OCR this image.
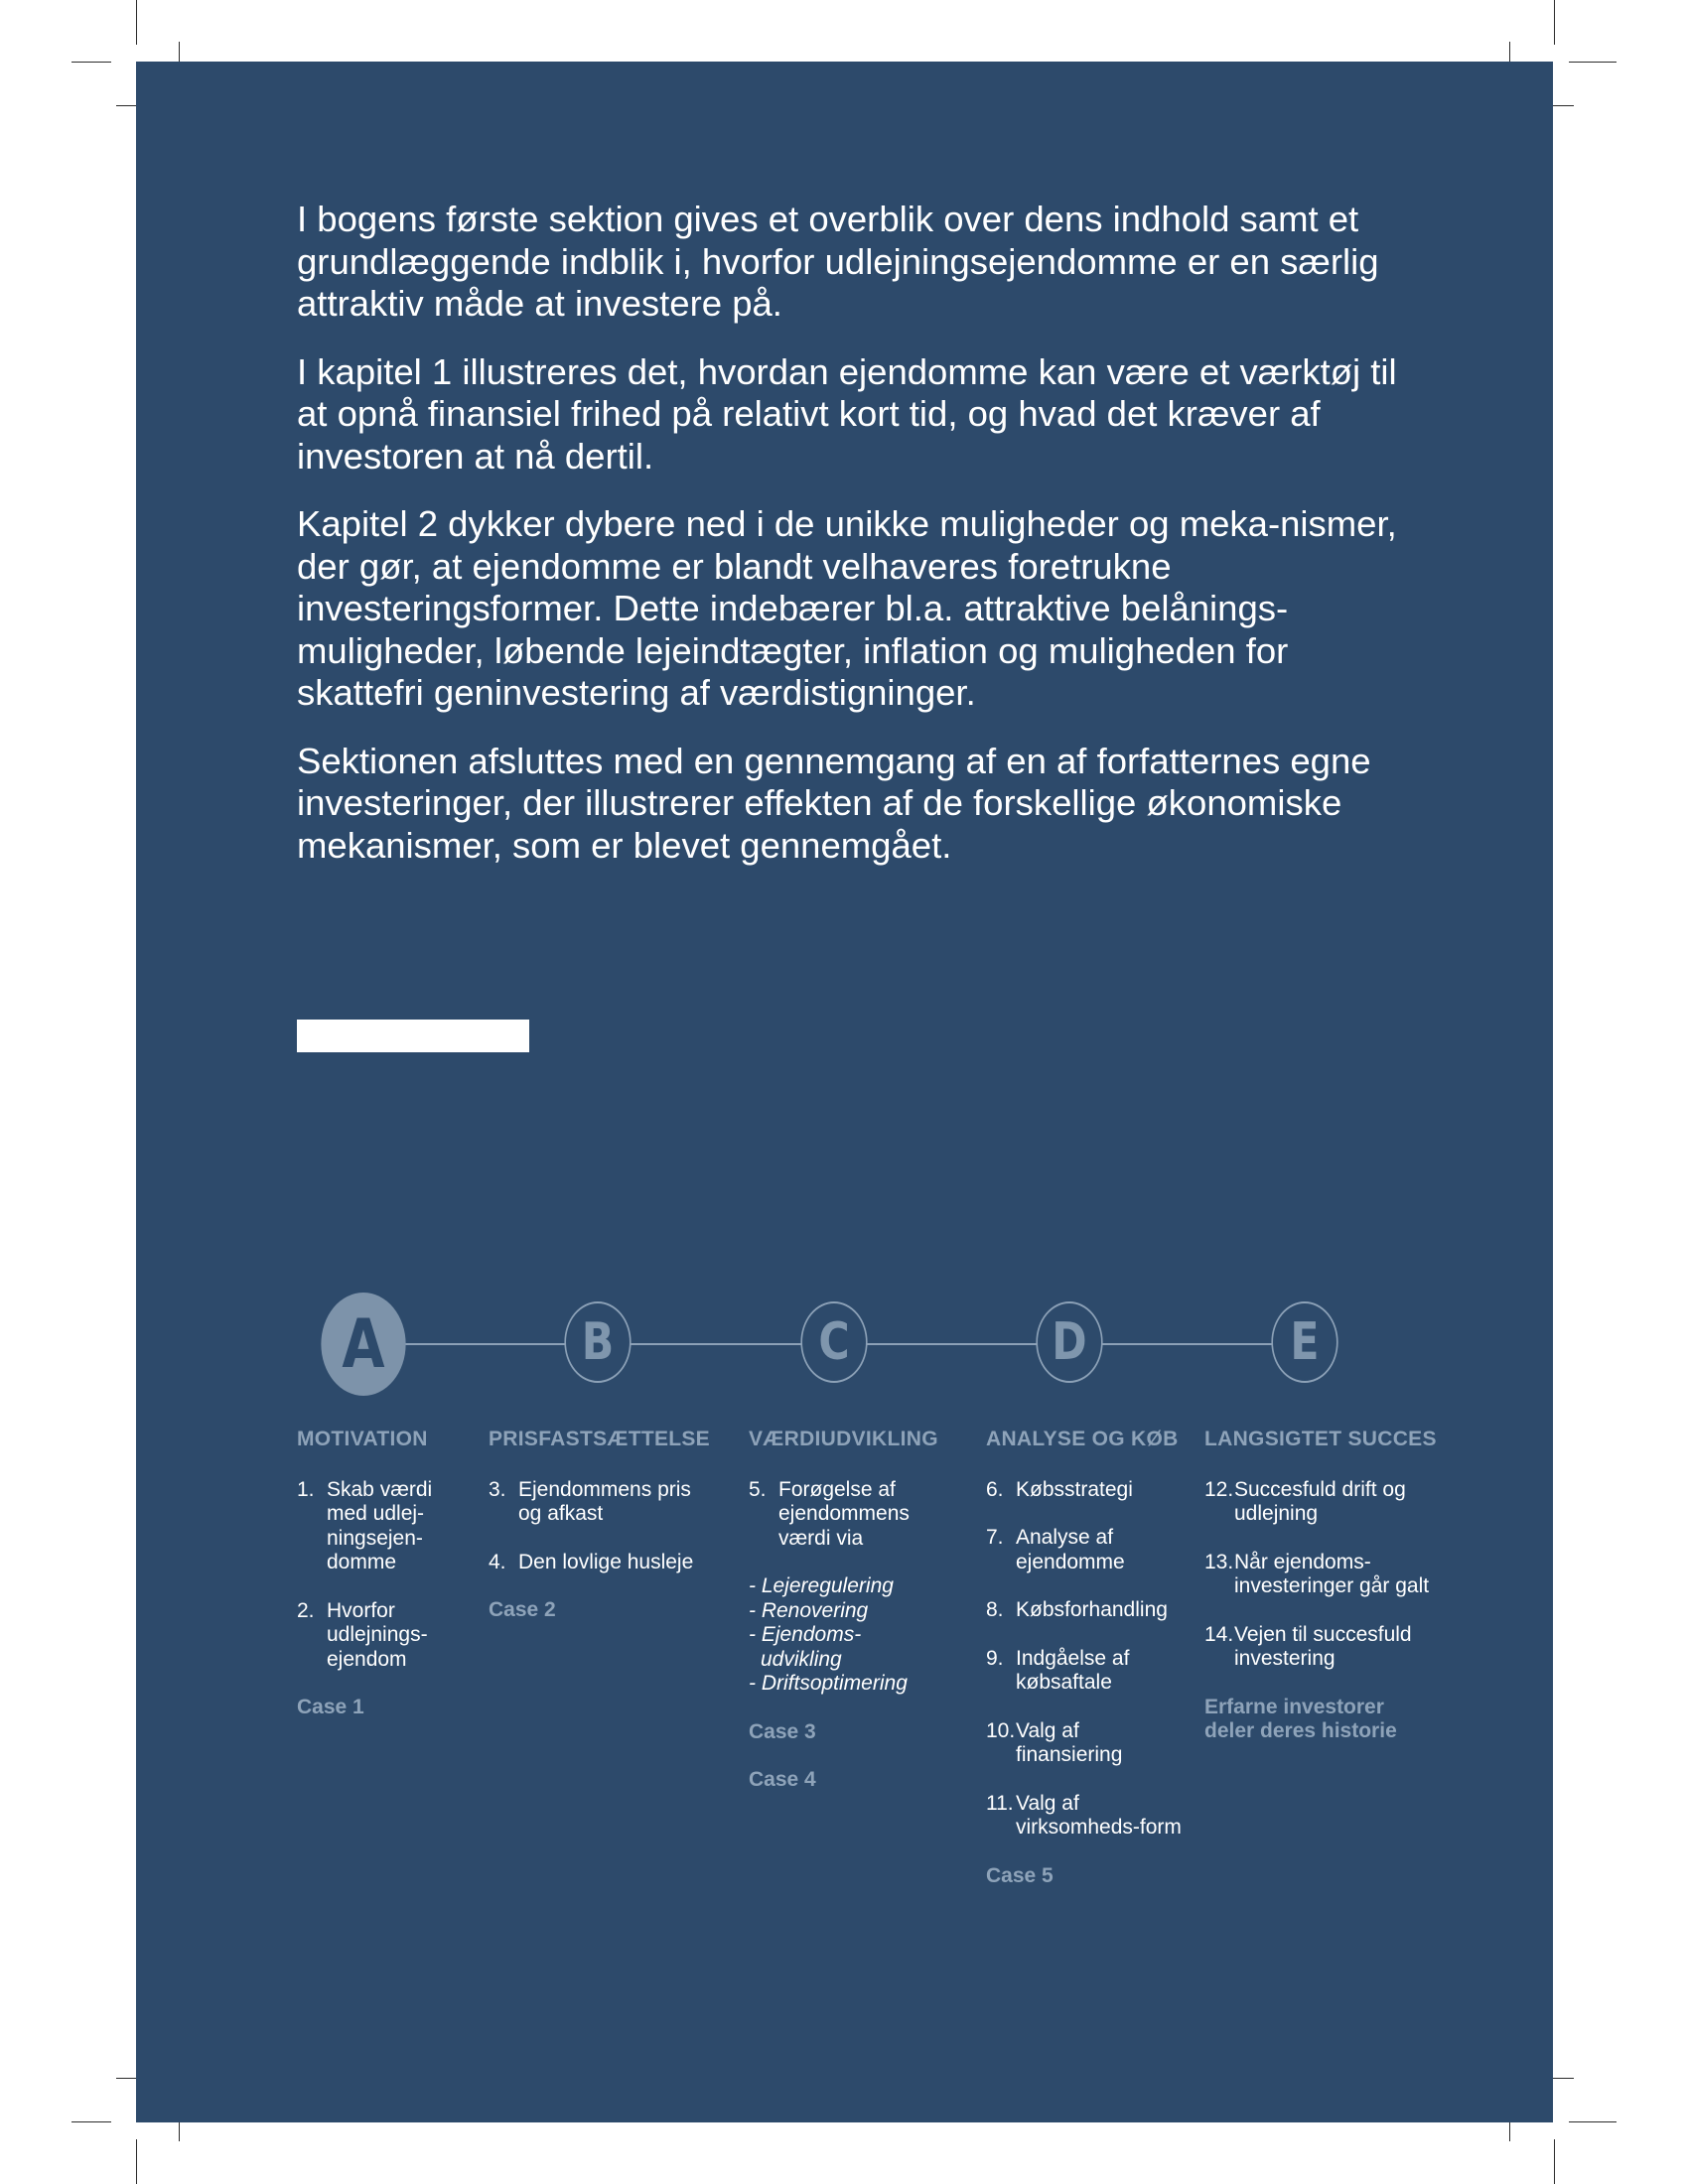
I bogens første sektion gives et overblik over dens indhold samt et grundlæggende indblik i, hvorfor udlejningsejendomme er en særlig attraktiv måde at investere på.

I kapitel 1 illustreres det, hvordan ejendomme kan være et værktøj til at opnå finansiel frihed på relativt kort tid, og hvad det kræver af investoren at nå dertil.

Kapitel 2 dykker dybere ned i de unikke muligheder og meka-nismer, der gør, at ejendomme er blandt velhaveres foretrukne investeringsformer. Dette indebærer bl.a. attraktive belånings-muligheder, løbende lejeindtægter, inflation og muligheden for skattefri geninvestering af værdistigninger.

Sektionen afsluttes med en gennemgang af en af forfatternes egne investeringer, der illustrerer effekten af de forskellige økonomiske mekanismer, som er blevet gennemgået.

A	B	C	D	E
MOTIVATION
1. Skab værdi med udlej-ningsejen-domme
2. Hvorfor udlejnings-ejendom
Case 1
PRISFASTSÆTTELSE
3. Ejendommens pris og afkast
4. Den lovlige husleje
Case 2
VÆRDIUDVIKLING
5. Forøgelse af ejendommens værdi via
- Lejeregulering
- Renovering
- Ejendoms-
udvikling
- Driftsoptimering
Case 3
Case 4
ANALYSE OG KØB
6. Købsstrategi
7. Analyse af ejendomme
8. Købsforhandling
9. Indgåelse af købsaftale
10. Valg af finansiering
11. Valg af virksomheds-form
Case 5
LANGSIGTET SUCCES
12. Succesfuld drift og udlejning
13. Når ejendoms-investeringer går galt
14. Vejen til succesfuld investering
Erfarne investorer deler deres historie
